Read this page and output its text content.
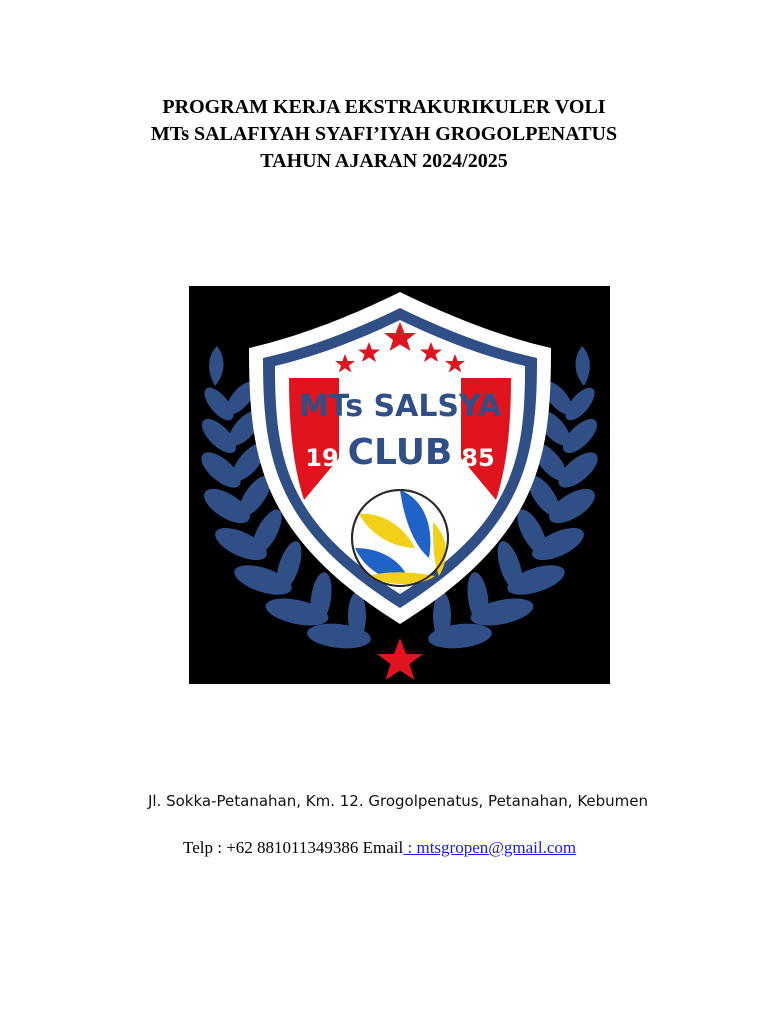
PROGRAM KERJA EKSTRAKURIKULER VOLI
MTs SALAFIYAH SYAFI’IYAH GROGOLPENATUS
TAHUN AJARAN 2024/2025
MTs SALSYA
CLUB
19	85
Jl. Sokka-Petanahan, Km. 12. Grogolpenatus, Petanahan, Kebumen
Telp : +62 881011349386 Email : mtsgropen@gmail.com
